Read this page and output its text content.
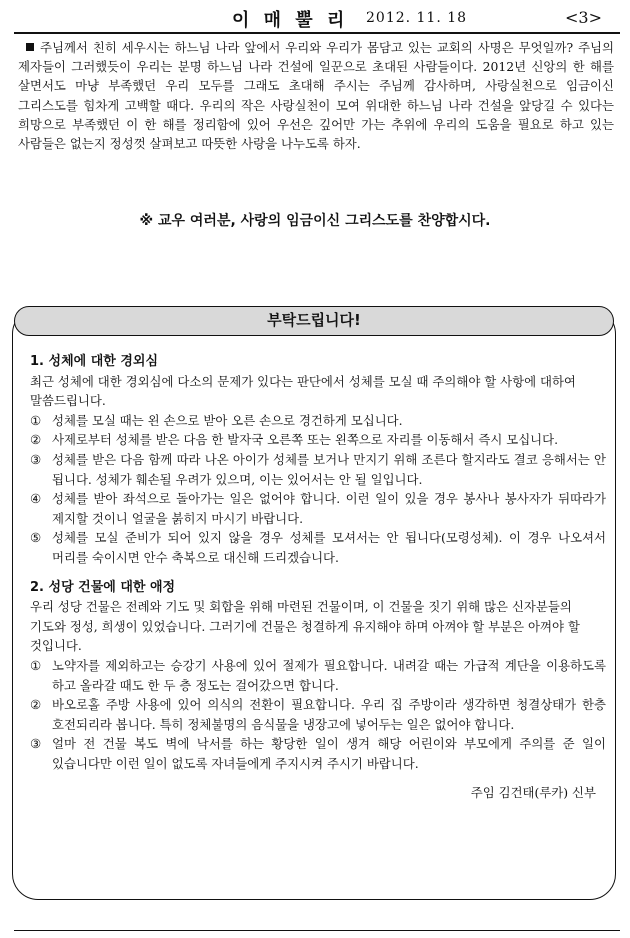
이 매 뿔 리 2012. 11. 18	<3>
주님께서 친히 세우시는 하느님 나라 앞에서 우리와 우리가 몸담고 있는 교회의 사명은 무엇일까? 주님의 제자들이 그러했듯이 우리는 분명 하느님 나라 건설에 일꾼으로 초대된 사람들이다. 2012년 신앙의 한 해를 살면서도 마냥 부족했던 우리 모두를 그래도 초대해 주시는 주님께 감사하며, 사랑실천으로 임금이신 그리스도를 힘차게 고백할 때다. 우리의 작은 사랑실천이 모여 위대한 하느님 나라 건설을 앞당길 수 있다는 희망으로 부족했던 이 한 해를 정리함에 있어 우선은 깊어만 가는 추위에 우리의 도움을 필요로 하고 있는 사람들은 없는지 정성껏 살펴보고 따뜻한 사랑을 나누도록 하자.
※ 교우 여러분, 사랑의 임금이신 그리스도를 찬양합시다.
부탁드립니다!
1. 성체에 대한 경외심
최근 성체에 대한 경외심에 다소의 문제가 있다는 판단에서 성체를 모실 때 주의해야 할 사항에 대하여 말씀드립니다.
① 성체를 모실 때는 왼 손으로 받아 오른 손으로 경건하게 모십니다.
② 사제로부터 성체를 받은 다음 한 발자국 오른쪽 또는 왼쪽으로 자리를 이동해서 즉시 모십니다.
③ 성체를 받은 다음 함께 따라 나온 아이가 성체를 보거나 만지기 위해 조른다 할지라도 결코 응해서는 안 됩니다. 성체가 훼손될 우려가 있으며, 이는 있어서는 안 될 일입니다.
④ 성체를 받아 좌석으로 돌아가는 일은 없어야 합니다. 이런 일이 있을 경우 봉사나 봉사자가 뒤따라가 제지할 것이니 얼굴을 붉히지 마시기 바랍니다.
⑤ 성체를 모실 준비가 되어 있지 않을 경우 성체를 모셔서는 안 됩니다(모령성체). 이 경우 나오셔서 머리를 숙이시면 안수 축복으로 대신해 드리겠습니다.
2. 성당 건물에 대한 애정
우리 성당 건물은 전례와 기도 및 회합을 위해 마련된 건물이며, 이 건물을 짓기 위해 많은 신자분들의 기도와 정성, 희생이 있었습니다. 그러기에 건물은 청결하게 유지해야 하며 아껴야 할 부분은 아껴야 할 것입니다.
① 노약자를 제외하고는 승강기 사용에 있어 절제가 필요합니다. 내려갈 때는 가급적 계단을 이용하도록 하고 올라갈 때도 한 두 층 정도는 걸어갔으면 합니다.
② 바오로홀 주방 사용에 있어 의식의 전환이 필요합니다. 우리 집 주방이라 생각하면 청결상태가 한층 호전되리라 봅니다. 특히 정체불명의 음식물을 냉장고에 넣어두는 일은 없어야 합니다.
③ 얼마 전 건물 복도 벽에 낙서를 하는 황당한 일이 생겨 해당 어린이와 부모에게 주의를 준 일이 있습니다만 이런 일이 없도록 자녀들에게 주지시켜 주시기 바랍니다.
주임 김건태(루카) 신부
